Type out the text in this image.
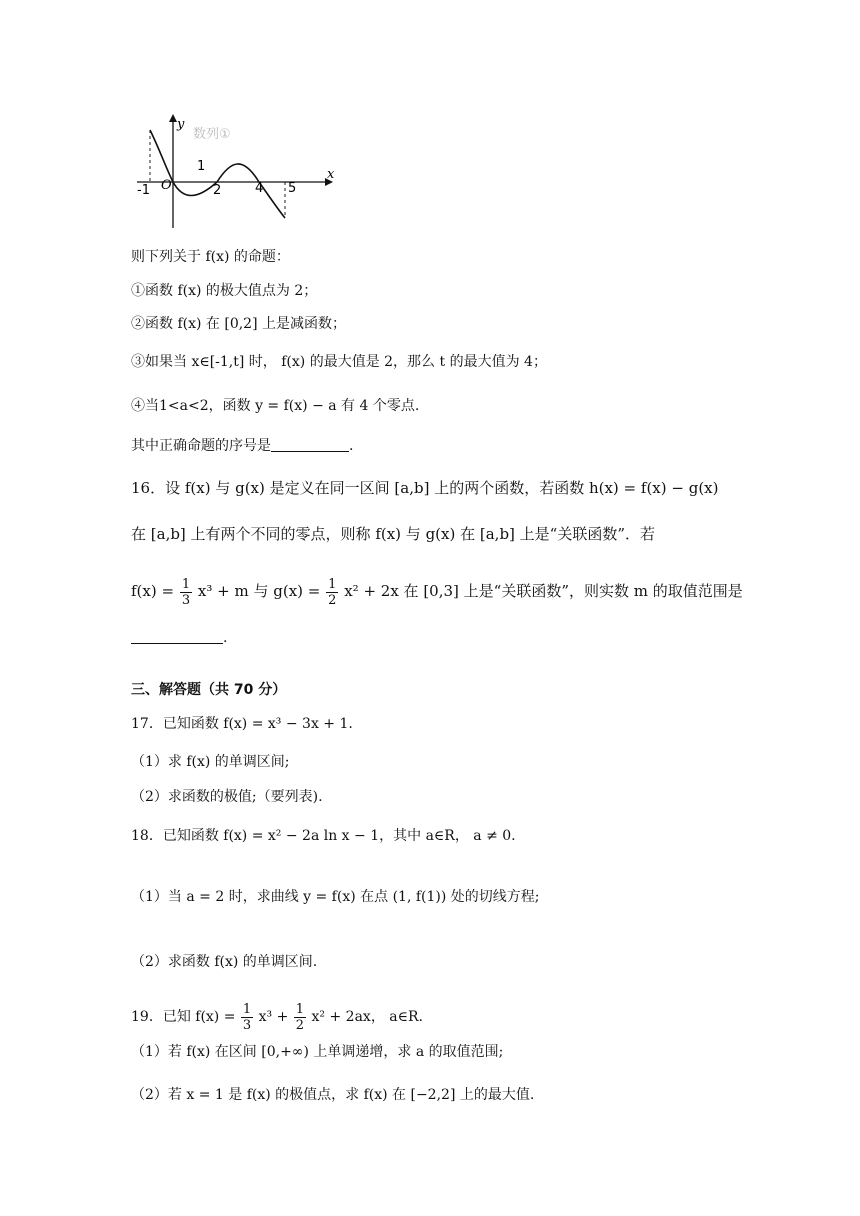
y
数列①
x
-1 O
1
2	4 5
则下列关于 f(x) 的命题：
①函数 f(x) 的极大值点为 2；
②函数 f(x) 在 [0,2] 上是减函数；
③如果当 x∈[-1,t] 时， f(x) 的最大值是 2，那么 t 的最大值为 4；
④当1<a<2，函数 y = f(x) − a 有 4 个零点.
其中正确命题的序号是	.
16．设 f(x) 与 g(x) 是定义在同一区间 [a,b] 上的两个函数，若函数 h(x) = f(x) − g(x)
在 [a,b] 上有两个不同的零点，则称 f(x) 与 g(x) 在 [a,b] 上是“关联函数”．若
$f(x) = \frac{1}{3} x^3 + m$ 与 $g(x) = \frac{1}{2} x^2 + 2x$ 在 [0,3] 上是“关联函数”，则实数 m 的取值范围是
.
三、解答题（共 70 分）
17．已知函数 f(x) = x³ − 3x + 1.
（1）求 f(x) 的单调区间;
（2）求函数的极值;（要列表).
18．已知函数 f(x) = x² − 2a ln x − 1，其中 a∈R， a ≠ 0.
（1）当 a = 2 时，求曲线 y = f(x) 在点 (1, f(1)) 处的切线方程;
（2）求函数 f(x) 的单调区间.
19．已知 $f(x) = \frac{1}{3} x^3 + \frac{1}{2} x^2 + 2ax$， a∈R.
（1）若 f(x) 在区间 [0,+∞) 上单调递增，求 a 的取值范围;
（2）若 x = 1 是 f(x) 的极值点，求 f(x) 在 [−2,2] 上的最大值.
